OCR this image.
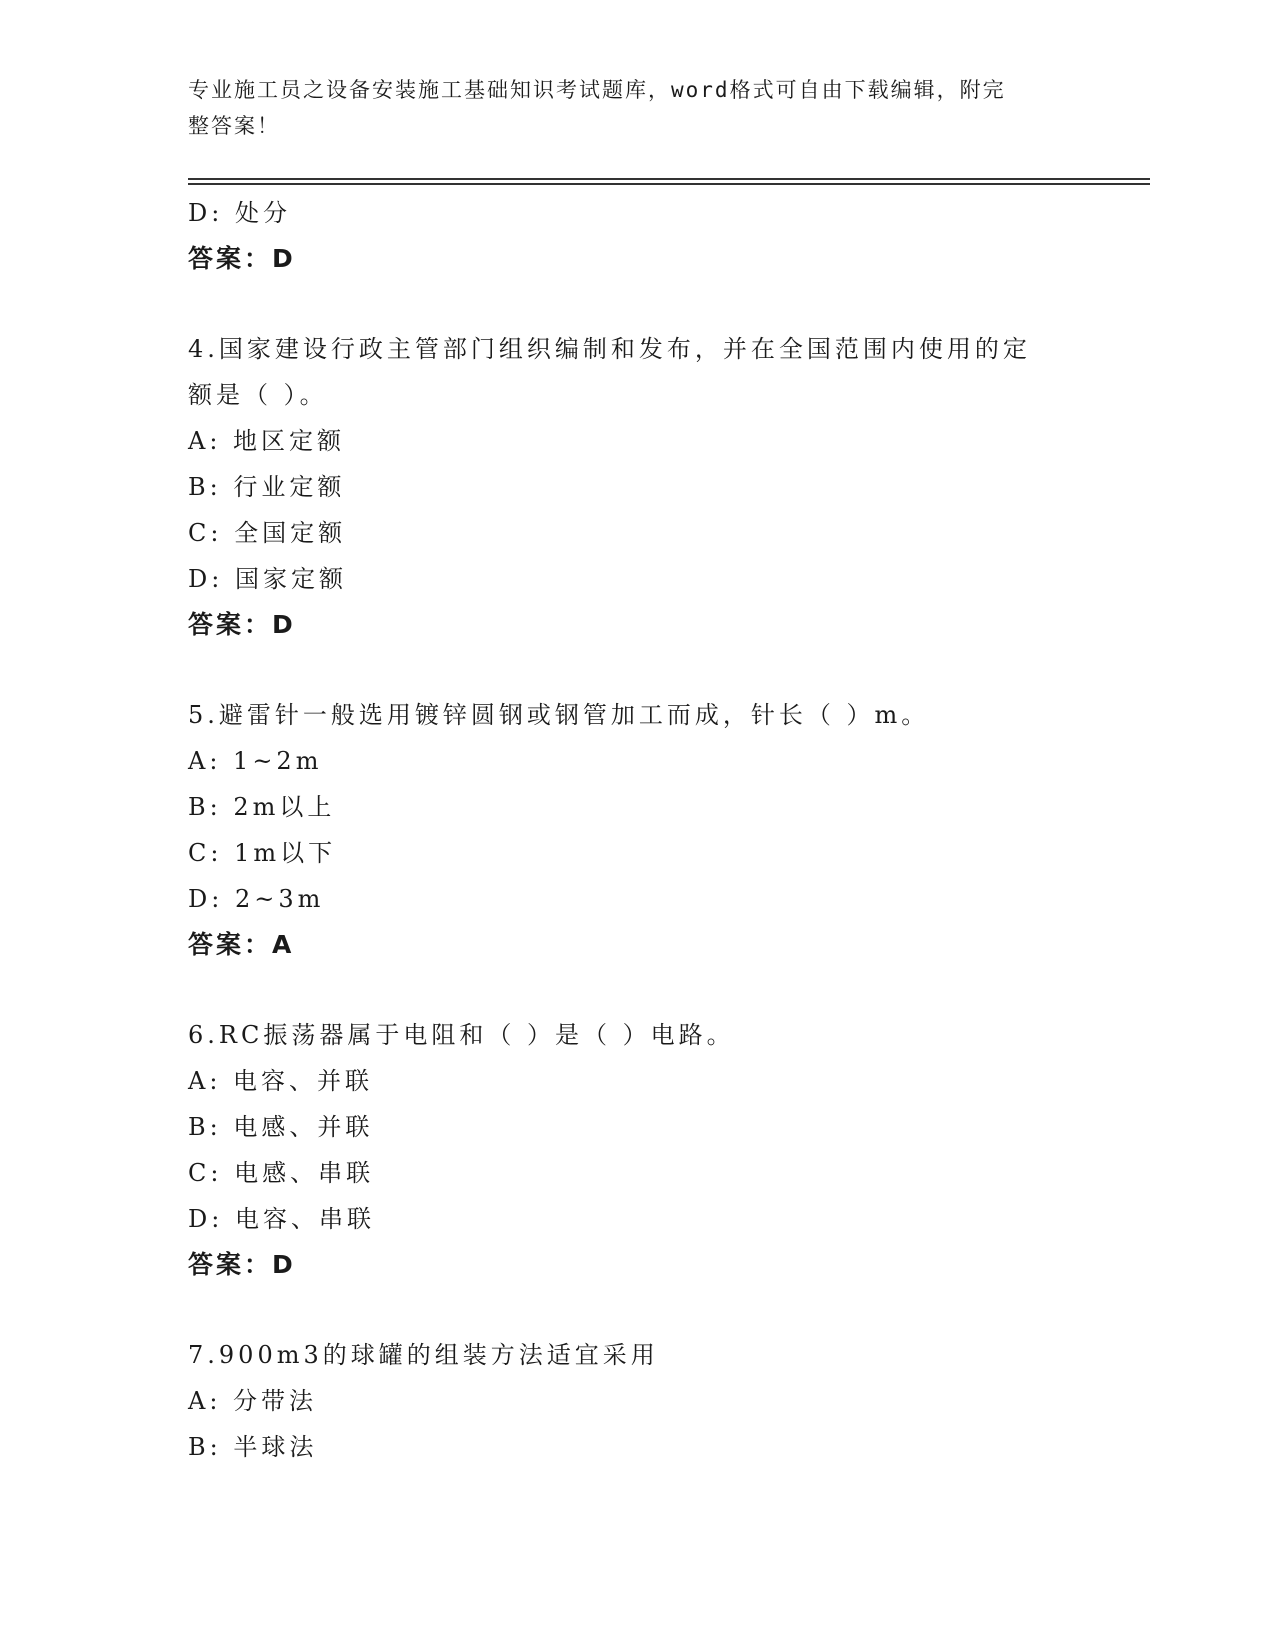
专业施工员之设备安装施工基础知识考试题库，word格式可自由下载编辑，附完
整答案！
D: 处分
答案：D
4.国家建设行政主管部门组织编制和发布，并在全国范围内使用的定
额是（ ）。
A: 地区定额
B: 行业定额
C: 全国定额
D: 国家定额
答案：D
5.避雷针一般选用镀锌圆钢或钢管加工而成，针长（ ）m。
A: 1~2m
B: 2m以上
C: 1m以下
D: 2~3m
答案：A
6.RC振荡器属于电阻和（ ）是（ ）电路。
A: 电容、并联
B: 电感、并联
C: 电感、串联
D: 电容、串联
答案：D
7.900m3的球罐的组装方法适宜采用
A: 分带法
B: 半球法
